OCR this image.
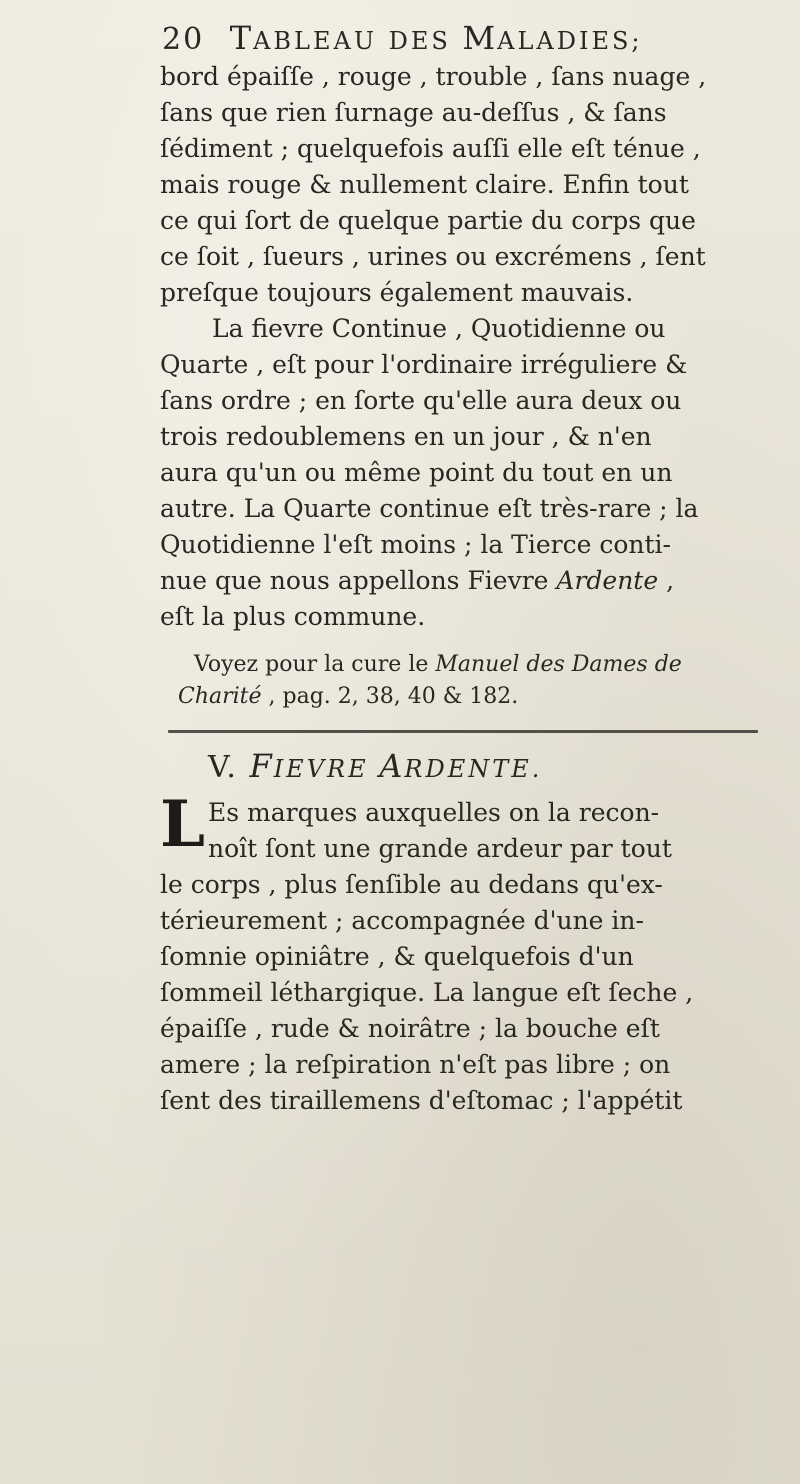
20 TABLEAU DES MALADIES;
bord épaiſſe , rouge , trouble , ſans nuage ,
ſans que rien ſurnage au-deſſus , & ſans
ſédiment ; quelquefois auſſi elle eſt ténue ,
mais rouge & nullement claire. Enfin tout
ce qui ſort de quelque partie du corps que
ce ſoit , ſueurs , urines ou excrémens , ſent
preſque toujours également mauvais.
La fievre Continue , Quotidienne ou
Quarte , eſt pour l'ordinaire irréguliere &
ſans ordre ; en ſorte qu'elle aura deux ou
trois redoublemens en un jour , & n'en
aura qu'un ou même point du tout en un
autre. La Quarte continue eſt très-rare ; la
Quotidienne l'eſt moins ; la Tierce conti-
nue que nous appellons Fievre Ardente ,
eſt la plus commune.
V. FIEVRE ARDENTE.
Voyez pour la cure le Manuel des Dames de
Charité , pag. 2, 38, 40 & 182.
L Es marques auxquelles on la recon-
noît ſont une grande ardeur par tout
le corps , plus ſenſible au dedans qu'ex-
térieurement ; accompagnée d'une in-
ſomnie opiniâtre , & quelquefois d'un
ſommeil léthargique. La langue eſt ſeche ,
épaiſſe , rude & noirâtre ; la bouche eſt
amere ; la reſpiration n'eſt pas libre ; on
ſent des tiraillemens d'eſtomac ; l'appétit
